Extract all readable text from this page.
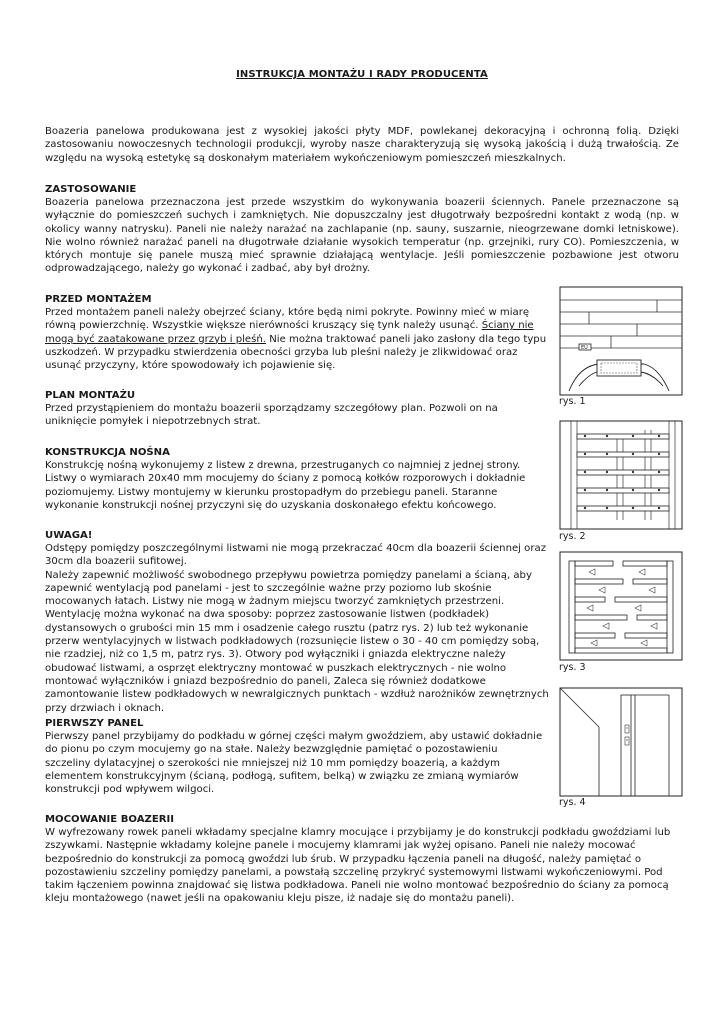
INSTRUKCJA MONTAŻU I RADY PRODUCENTA

Boazeria panelowa produkowana jest z wysokiej jakości płyty MDF, powlekanej dekoracyjną i ochronną folią. Dzięki zastosowaniu nowoczesnych technologii produkcji, wyroby nasze charakteryzują się wysoką jakością i dużą trwałością. Ze względu na wysoką estetykę są doskonałym materiałem wykończeniowym pomieszczeń mieszkalnych.

ZASTOSOWANIE

Boazeria panelowa przeznaczona jest przede wszystkim do wykonywania boazerii ściennych. Panele przeznaczone są wyłącznie do pomieszczeń suchych i zamkniętych. Nie dopuszczalny jest długotrwały bezpośredni kontakt z wodą (np. w okolicy wanny natrysku). Paneli nie należy narażać na zachlapanie (np. sauny, suszarnie, nieogrzewane domki letniskowe). Nie wolno również narażać paneli na długotrwałe działanie wysokich temperatur (np. grzejniki, rury CO). Pomieszczenia, w których montuje się panele muszą mieć sprawnie działającą wentylacje. Jeśli pomieszczenie pozbawione jest otworu odprowadzającego, należy go wykonać i zadbać, aby był drożny.

PRZED MONTAŻEM

Przed montażem paneli należy obejrzeć ściany, które będą nimi pokryte. Powinny mieć w miarę równą powierzchnię. Wszystkie większe nierówności kruszący się tynk należy usunąć. Ściany nie mogą być zaatakowane przez grzyb i pleśń. Nie można traktować paneli jako zasłony dla tego typu uszkodzeń. W przypadku stwierdzenia obecności grzyba lub pleśni należy je zlikwidować oraz usunąć przyczyny, które spowodowały ich pojawienie się.

PLAN MONTAŻU

Przed przystąpieniem do montażu boazerii sporządzamy szczegółowy plan. Pozwoli on na uniknięcie pomyłek i niepotrzebnych strat.

KONSTRUKCJA NOŚNA

Konstrukcję nośną wykonujemy z listew z drewna, przestruganych co najmniej z jednej strony. Listwy o wymiarach 20x40 mm mocujemy do ściany z pomocą kołków rozporowych i dokładnie poziomujemy. Listwy montujemy w kierunku prostopadłym do przebiegu paneli. Staranne wykonanie konstrukcji nośnej przyczyni się do uzyskania doskonałego efektu końcowego.

UWAGA!

Odstępy pomiędzy poszczególnymi listwami nie mogą przekraczać 40cm dla boazerii ściennej oraz 30cm dla boazerii sufitowej.
Należy zapewnić możliwość swobodnego przepływu powietrza pomiędzy panelami a ścianą, aby zapewnić wentylacją pod panelami - jest to szczególnie ważne przy poziomo lub skośnie mocowanych łatach. Listwy nie mogą w żadnym miejscu tworzyć zamkniętych przestrzeni. Wentylację można wykonać na dwa sposoby: poprzez zastosowanie listwen (podkładek) dystansowych o grubości min 15 mm i osadzenie całego rusztu (patrz rys. 2) lub też wykonanie przerw wentylacyjnych w listwach podkładowych (rozsunięcie listew o 30 - 40 cm pomiędzy sobą, nie rzadziej, niż co 1,5 m, patrz rys. 3). Otwory pod wyłączniki i gniazda elektryczne należy obudować listwami, a osprzęt elektryczny montować w puszkach elektrycznych - nie wolno montować wyłączników i gniazd bezpośrednio do paneli, Zaleca się również dodatkowe zamontowanie listew podkładowych w newralgicznych punktach - wzdłuż narożników zewnętrznych przy drzwiach i oknach.

PIERWSZY PANEL

Pierwszy panel przybijamy do podkładu w górnej części małym gwoździem, aby ustawić dokładnie do pionu po czym mocujemy go na stałe. Należy bezwzględnie pamiętać o pozostawieniu szczeliny dylatacyjnej o szerokości nie mniejszej niż 10 mm pomiędzy boazerią, a każdym elementem konstrukcyjnym (ścianą, podłogą, sufitem, belką) w związku ze zmianą wymiarów konstrukcji pod wpływem wilgoci.

MOCOWANIE BOAZERII

W wyfrezowany rowek paneli wkładamy specjalne klamry mocujące i przybijamy je do konstrukcji podkładu gwoździami lub zszywkami. Następnie wkładamy kolejne panele i mocujemy klamrami jak wyżej opisano. Paneli nie należy mocować bezpośrednio do konstrukcji za pomocą gwoździ lub śrub. W przypadku łączenia paneli na długość, należy pamiętać o pozostawieniu szczeliny pomiędzy panelami, a powstałą szczelinę przykryć systemowymi listwami wykończeniowymi. Pod takim łączeniem powinna znajdować się listwa podkładowa. Paneli nie wolno montować bezpośrednio do ściany za pomocą kleju montażowego (nawet jeśli na opakowaniu kleju pisze, iż nadaje się do montażu paneli).

EU
rys. 1
rys. 2
rys. 3
rys. 4
